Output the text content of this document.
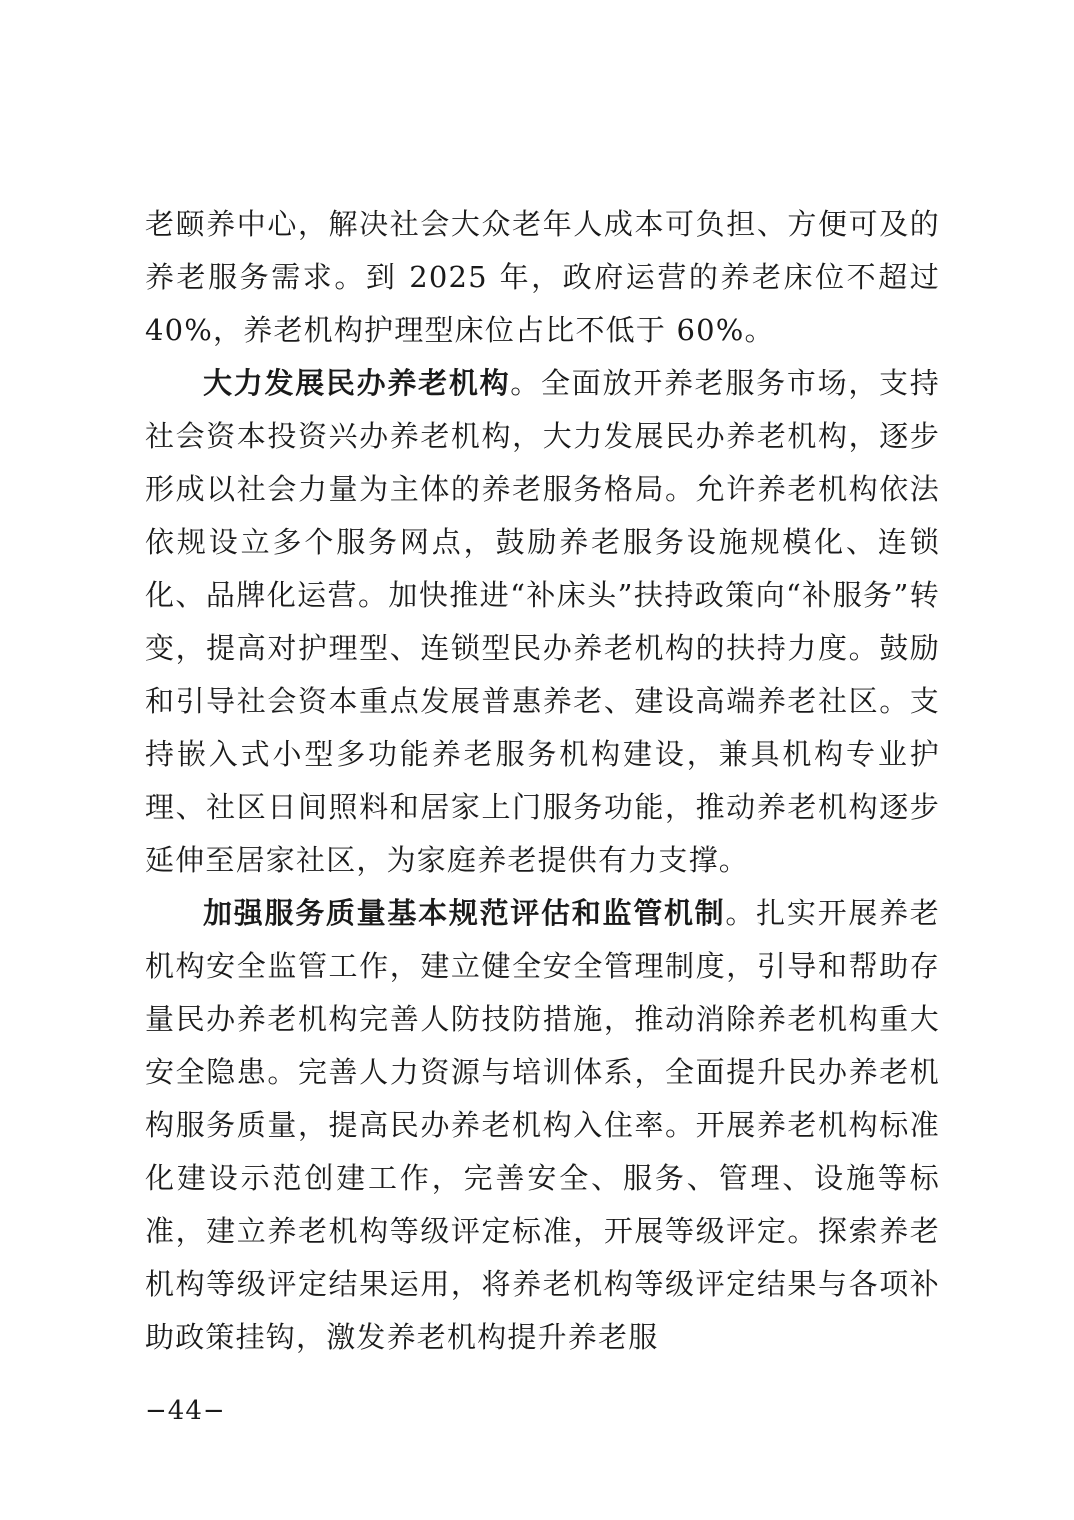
老颐养中心，解决社会大众老年人成本可负担、方便可及的养老服务需求。到 2025 年，政府运营的养老床位不超过 40%，养老机构护理型床位占比不低于 60%。

大力发展民办养老机构。全面放开养老服务市场，支持社会资本投资兴办养老机构，大力发展民办养老机构，逐步形成以社会力量为主体的养老服务格局。允许养老机构依法依规设立多个服务网点，鼓励养老服务设施规模化、连锁化、品牌化运营。加快推进“补床头”扶持政策向“补服务”转变，提高对护理型、连锁型民办养老机构的扶持力度。鼓励和引导社会资本重点发展普惠养老、建设高端养老社区。支持嵌入式小型多功能养老服务机构建设，兼具机构专业护理、社区日间照料和居家上门服务功能，推动养老机构逐步延伸至居家社区，为家庭养老提供有力支撑。

加强服务质量基本规范评估和监管机制。扎实开展养老机构安全监管工作，建立健全安全管理制度，引导和帮助存量民办养老机构完善人防技防措施，推动消除养老机构重大安全隐患。完善人力资源与培训体系，全面提升民办养老机构服务质量，提高民办养老机构入住率。开展养老机构标准化建设示范创建工作，完善安全、服务、管理、设施等标准，建立养老机构等级评定标准，开展等级评定。探索养老机构等级评定结果运用，将养老机构等级评定结果与各项补助政策挂钩，激发养老机构提升养老服

−44−
